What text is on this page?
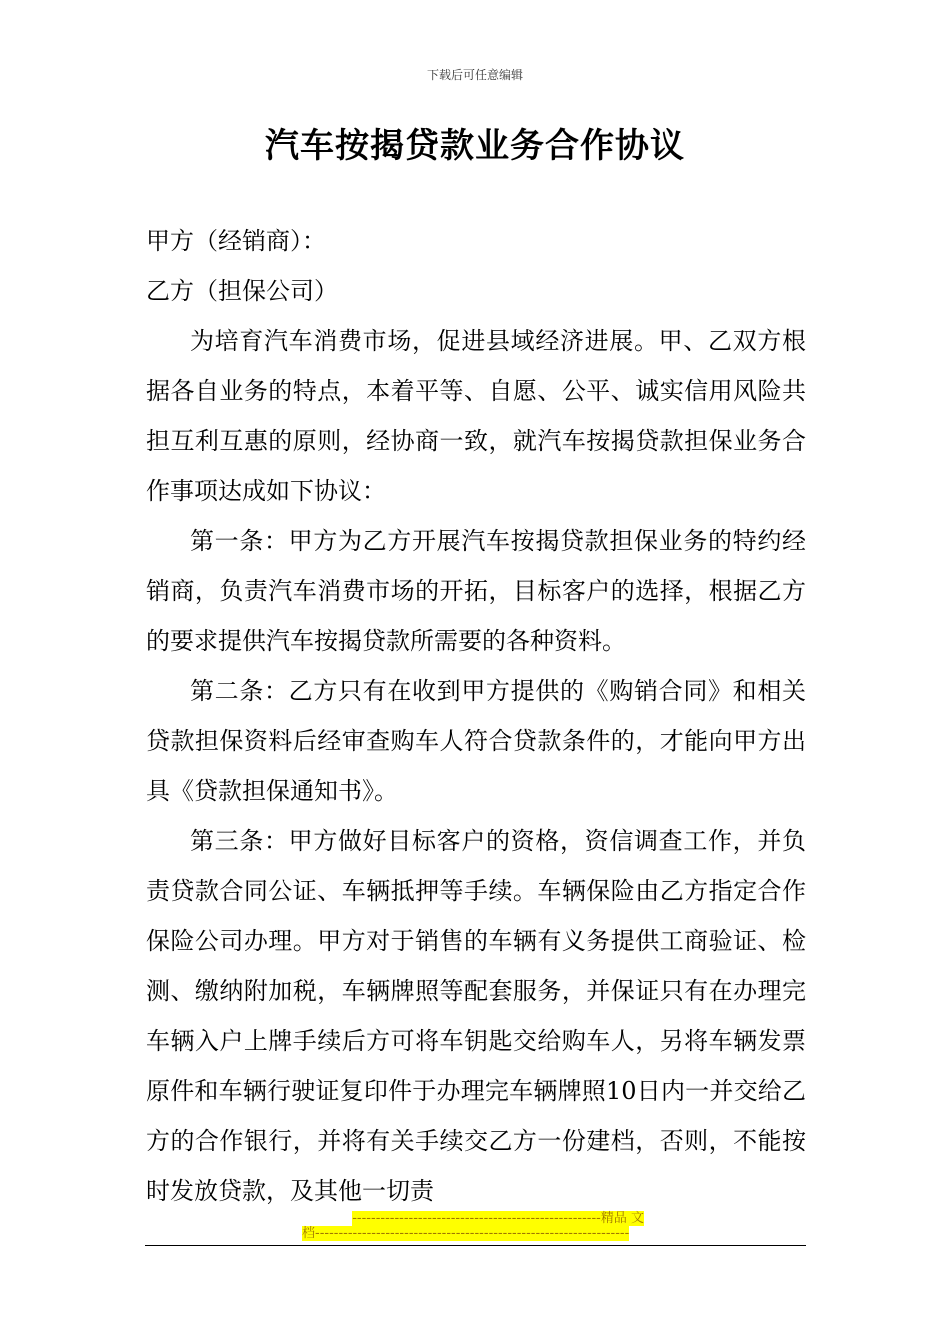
下载后可任意编辑
汽车按揭贷款业务合作协议

甲方（经销商）：

乙方（担保公司）

为培育汽车消费市场，促进县域经济进展。甲、乙双方根据各自业务的特点，本着平等、自愿、公平、诚实信用风险共担互利互惠的原则，经协商一致，就汽车按揭贷款担保业务合作事项达成如下协议：

第一条：甲方为乙方开展汽车按揭贷款担保业务的特约经销商，负责汽车消费市场的开拓，目标客户的选择，根据乙方的要求提供汽车按揭贷款所需要的各种资料。

第二条：乙方只有在收到甲方提供的《购销合同》和相关贷款担保资料后经审查购车人符合贷款条件的，才能向甲方出具《贷款担保通知书》。

第三条：甲方做好目标客户的资格，资信调查工作，并负责贷款合同公证、车辆抵押等手续。车辆保险由乙方指定合作保险公司办理。甲方对于销售的车辆有义务提供工商验证、检测、缴纳附加税，车辆牌照等配套服务，并保证只有在办理完车辆入户上牌手续后方可将车钥匙交给购车人，另将车辆发票原件和车辆行驶证复印件于办理完车辆牌照10日内一并交给乙方的合作银行，并将有关手续交乙方一份建档，否则，不能按时发放贷款，及其他一切责

-----------------------------------------------------精品 文
档-------------------------------------------------------------------
